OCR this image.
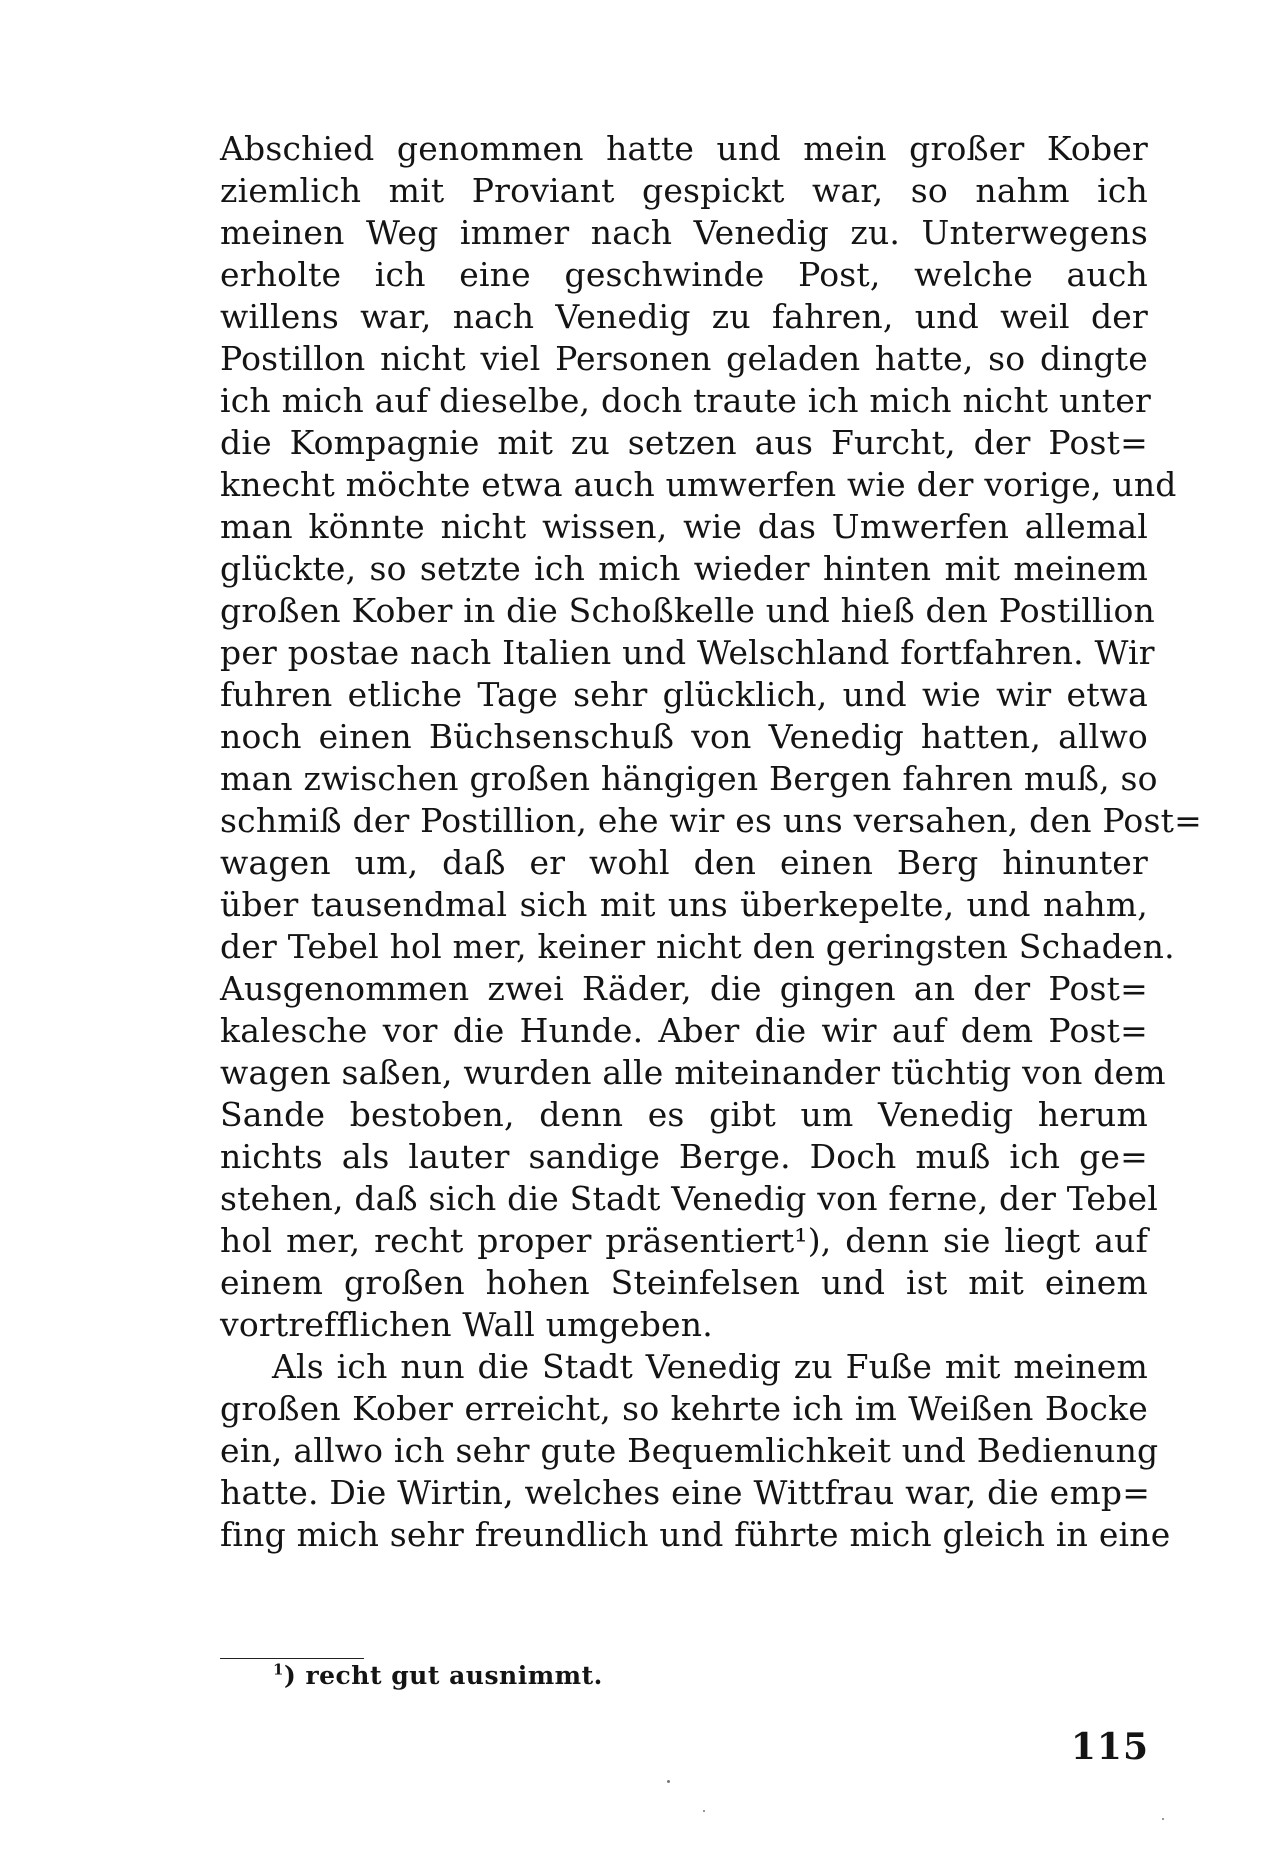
Abschied genommen hatte und mein großer Kober
ziemlich mit Proviant gespickt war, so nahm ich
meinen Weg immer nach Venedig zu. Unterwegens
erholte ich eine geschwinde Post, welche auch
willens war, nach Venedig zu fahren, und weil der
Postillon nicht viel Personen geladen hatte, so dingte
ich mich auf dieselbe, doch traute ich mich nicht unter
die Kompagnie mit zu setzen aus Furcht, der Post=
knecht möchte etwa auch umwerfen wie der vorige, und
man könnte nicht wissen, wie das Umwerfen allemal
glückte, so setzte ich mich wieder hinten mit meinem
großen Kober in die Schoßkelle und hieß den Postillion
per postae nach Italien und Welschland fortfahren. Wir
fuhren etliche Tage sehr glücklich, und wie wir etwa
noch einen Büchsenschuß von Venedig hatten, allwo
man zwischen großen hängigen Bergen fahren muß, so
schmiß der Postillion, ehe wir es uns versahen, den Post=
wagen um, daß er wohl den einen Berg hinunter
über tausendmal sich mit uns überkepelte, und nahm,
der Tebel hol mer, keiner nicht den geringsten Schaden.
Ausgenommen zwei Räder, die gingen an der Post=
kalesche vor die Hunde. Aber die wir auf dem Post=
wagen saßen, wurden alle miteinander tüchtig von dem
Sande bestoben, denn es gibt um Venedig herum
nichts als lauter sandige Berge. Doch muß ich ge=
stehen, daß sich die Stadt Venedig von ferne, der Tebel
hol mer, recht proper präsentiert¹), denn sie liegt auf
einem großen hohen Steinfelsen und ist mit einem
vortrefflichen Wall umgeben.
Als ich nun die Stadt Venedig zu Fuße mit meinem
großen Kober erreicht, so kehrte ich im Weißen Bocke
ein, allwo ich sehr gute Bequemlichkeit und Bedienung
hatte. Die Wirtin, welches eine Wittfrau war, die emp=
fing mich sehr freundlich und führte mich gleich in eine
$^1$) recht gut ausnimmt.
115
